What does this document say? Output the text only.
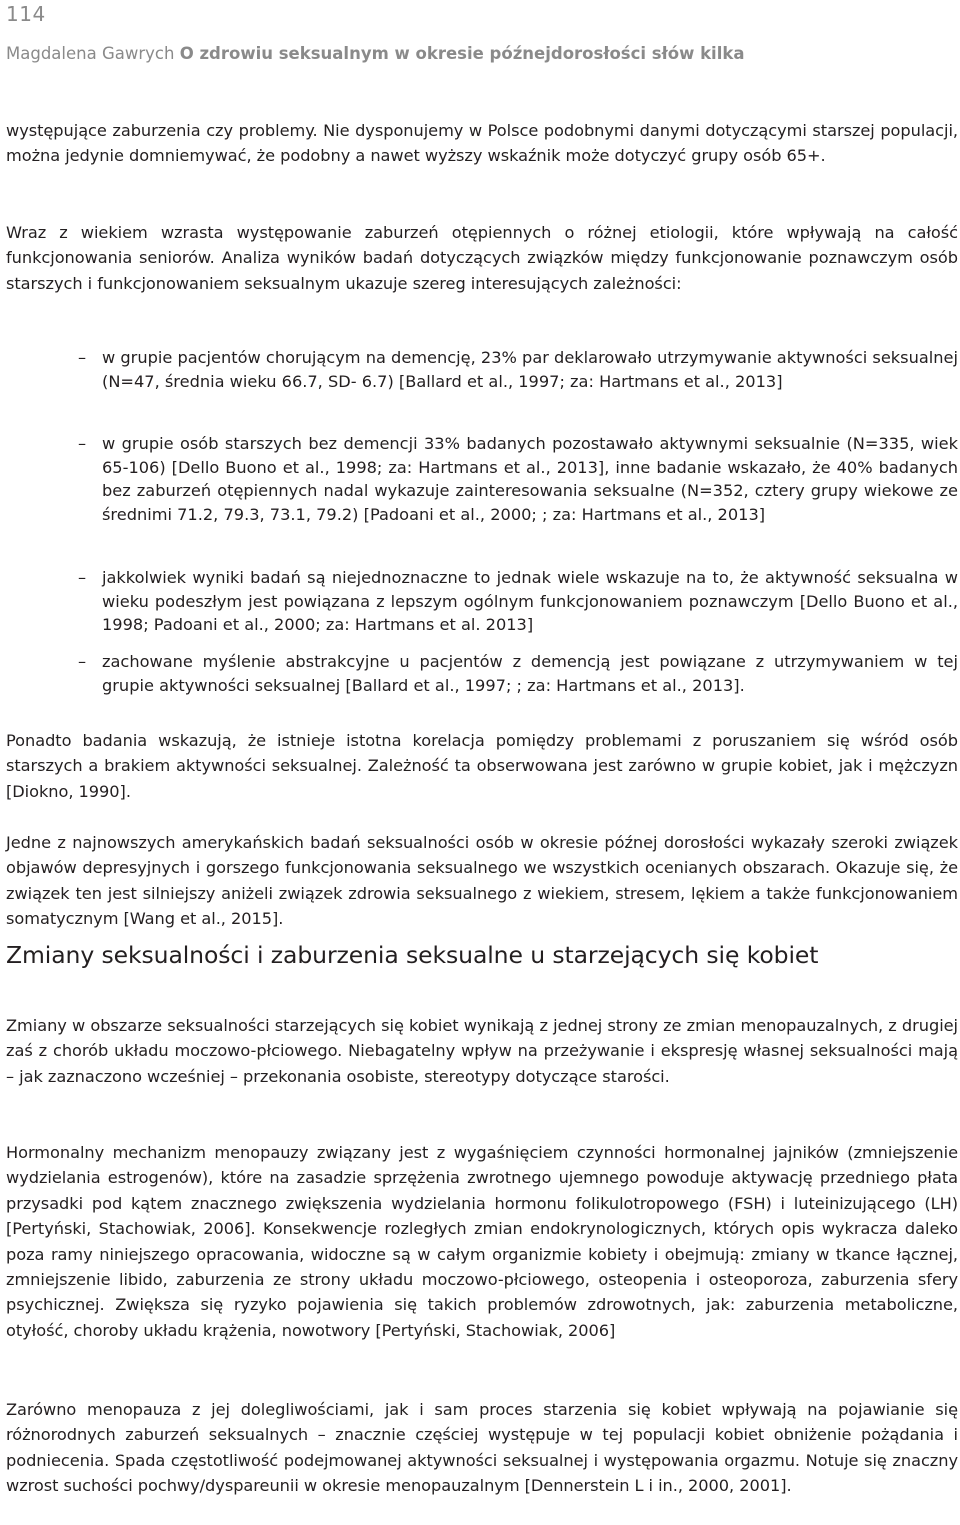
114
Magdalena Gawrych O zdrowiu seksualnym w okresie późnejdorosłości słów kilka

występujące zaburzenia czy problemy. Nie dysponujemy w Polsce podobnymi danymi dotyczącymi starszej populacji, można jedynie domniemywać, że podobny a nawet wyższy wskaźnik może dotyczyć grupy osób 65+.

Wraz z wiekiem wzrasta występowanie zaburzeń otępiennych o różnej etiologii, które wpływają na całość funkcjonowania seniorów. Analiza wyników badań dotyczących związków między funkcjonowanie poznawczym osób starszych i funkcjonowaniem seksualnym ukazuje szereg interesujących zależności:

– w grupie pacjentów chorującym na demencję, 23% par deklarowało utrzymywanie aktywności seksualnej (N=47, średnia wieku 66.7, SD- 6.7) [Ballard et al., 1997; za: Hartmans et al., 2013]
– w grupie osób starszych bez demencji 33% badanych pozostawało aktywnymi seksualnie (N=335, wiek 65-106) [Dello Buono et al., 1998; za: Hartmans et al., 2013], inne badanie wskazało, że 40% badanych bez zaburzeń otępiennych nadal wykazuje zainteresowania seksualne (N=352, cztery grupy wiekowe ze średnimi 71.2, 79.3, 73.1, 79.2) [Padoani et al., 2000; ; za: Hartmans et al., 2013]
– jakkolwiek wyniki badań są niejednoznaczne to jednak wiele wskazuje na to, że aktywność seksualna w wieku podeszłym jest powiązana z lepszym ogólnym funkcjonowaniem poznawczym [Dello Buono et al., 1998; Padoani et al., 2000; za: Hartmans et al. 2013]
– zachowane myślenie abstrakcyjne u pacjentów z demencją jest powiązane z utrzymywaniem w tej grupie aktywności seksualnej [Ballard et al., 1997; ; za: Hartmans et al., 2013].

Ponadto badania wskazują, że istnieje istotna korelacja pomiędzy problemami z poruszaniem się wśród osób starszych a brakiem aktywności seksualnej. Zależność ta obserwowana jest zarówno w grupie kobiet, jak i mężczyzn [Diokno, 1990].

Jedne z najnowszych amerykańskich badań seksualności osób w okresie późnej dorosłości wykazały szeroki związek objawów depresyjnych i gorszego funkcjonowania seksualnego we wszystkich ocenianych obszarach. Okazuje się, że związek ten jest silniejszy aniżeli związek zdrowia seksualnego z wiekiem, stresem, lękiem a także funkcjonowaniem somatycznym [Wang et al., 2015].

Zmiany seksualności i zaburzenia seksualne u starzejących się kobiet

Zmiany w obszarze seksualności starzejących się kobiet wynikają z jednej strony ze zmian menopauzalnych, z drugiej zaś z chorób układu moczowo-płciowego. Niebagatelny wpływ na przeżywanie i ekspresję własnej seksualności mają – jak zaznaczono wcześniej – przekonania osobiste, stereotypy dotyczące starości.

Hormonalny mechanizm menopauzy związany jest z wygaśnięciem czynności hormonalnej jajników (zmniejszenie wydzielania estrogenów), które na zasadzie sprzężenia zwrotnego ujemnego powoduje aktywację przedniego płata przysadki pod kątem znacznego zwiększenia wydzielania hormonu folikulotropowego (FSH) i luteinizującego (LH) [Pertyński, Stachowiak, 2006]. Konsekwencje rozległych zmian endokrynologicznych, których opis wykracza daleko poza ramy niniejszego opracowania, widoczne są w całym organizmie kobiety i obejmują: zmiany w tkance łącznej, zmniejszenie libido, zaburzenia ze strony układu moczowo-płciowego, osteopenia i osteoporoza, zaburzenia sfery psychicznej. Zwiększa się ryzyko pojawienia się takich problemów zdrowotnych, jak: zaburzenia metaboliczne, otyłość, choroby układu krążenia, nowotwory [Pertyński, Stachowiak, 2006]

Zarówno menopauza z jej dolegliwościami, jak i sam proces starzenia się kobiet wpływają na pojawianie się różnorodnych zaburzeń seksualnych – znacznie częściej występuje w tej populacji kobiet obniżenie pożądania i podniecenia. Spada częstotliwość podejmowanej aktywności seksualnej i występowania orgazmu. Notuje się znaczny wzrost suchości pochwy/dyspareunii w okresie menopauzalnym [Dennerstein L i in., 2000, 2001].
